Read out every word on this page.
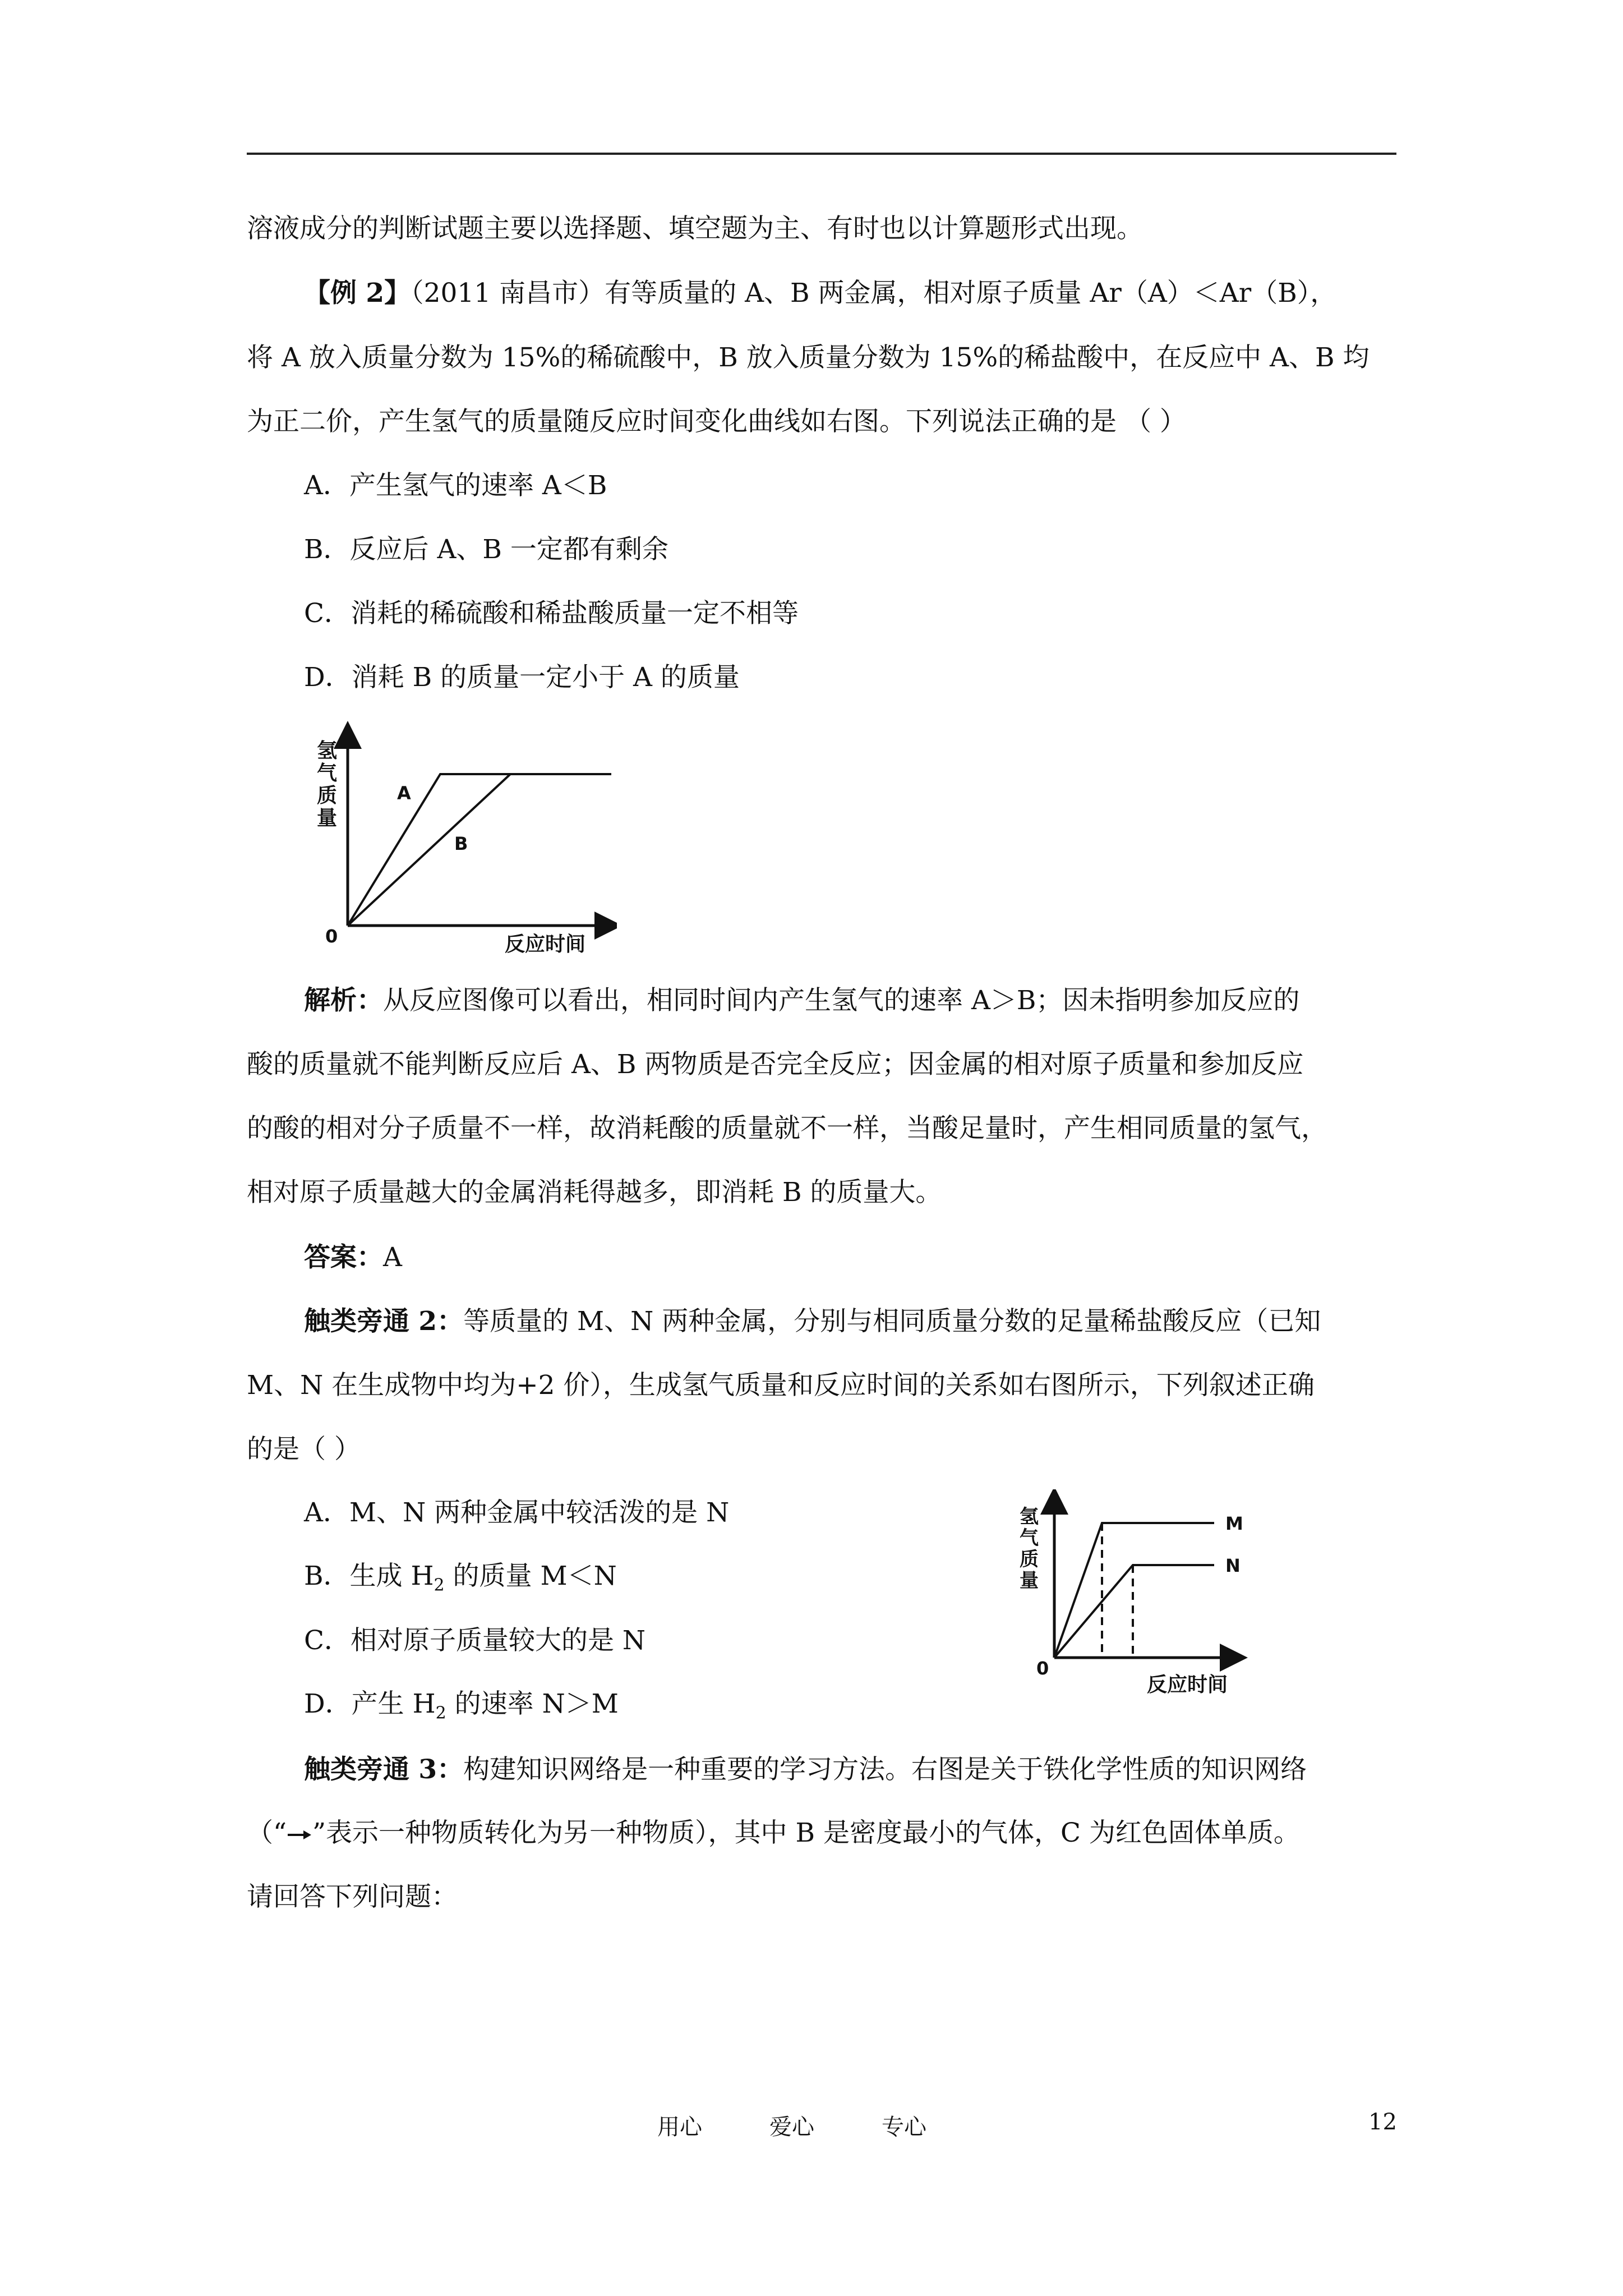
溶液成分的判断试题主要以选择题、填空题为主、有时也以计算题形式出现。
【例 2】（2011 南昌市）有等质量的 A、B 两金属，相对原子质量 Ar（A）＜Ar（B），
将 A 放入质量分数为 15%的稀硫酸中，B 放入质量分数为 15%的稀盐酸中，在反应中 A、B 均
为正二价，产生氢气的质量随反应时间变化曲线如右图。下列说法正确的是 （ ）
A．产生氢气的速率 A＜B
B．反应后 A、B 一定都有剩余
C．消耗的稀硫酸和稀盐酸质量一定不相等
D．消耗 B 的质量一定小于 A 的质量
氢
气
质
量
A
B
0	反应时间
解析：从反应图像可以看出，相同时间内产生氢气的速率 A＞B；因未指明参加反应的
酸的质量就不能判断反应后 A、B 两物质是否完全反应；因金属的相对原子质量和参加反应
的酸的相对分子质量不一样，故消耗酸的质量就不一样，当酸足量时，产生相同质量的氢气，
相对原子质量越大的金属消耗得越多，即消耗 B 的质量大。
答案：A
触类旁通 2：等质量的 M、N 两种金属，分别与相同质量分数的足量稀盐酸反应（已知
M、N 在生成物中均为+2 价），生成氢气质量和反应时间的关系如右图所示，下列叙述正确
的是（ ）
A．M、N 两种金属中较活泼的是 N
B．生成 $H_2$ 的质量 M＜N
C．相对原子质量较大的是 N
D．产生 $H_2$ 的速率 N＞M
氢
气
质
量
M
N
0
反应时间
触类旁通 3：构建知识网络是一种重要的学习方法。右图是关于铁化学性质的知识网络
（“ ”表示一种物质转化为另一种物质），其中 B 是密度最小的气体，C 为红色固体单质。
请回答下列问题：
用心	爱心	专心	12
